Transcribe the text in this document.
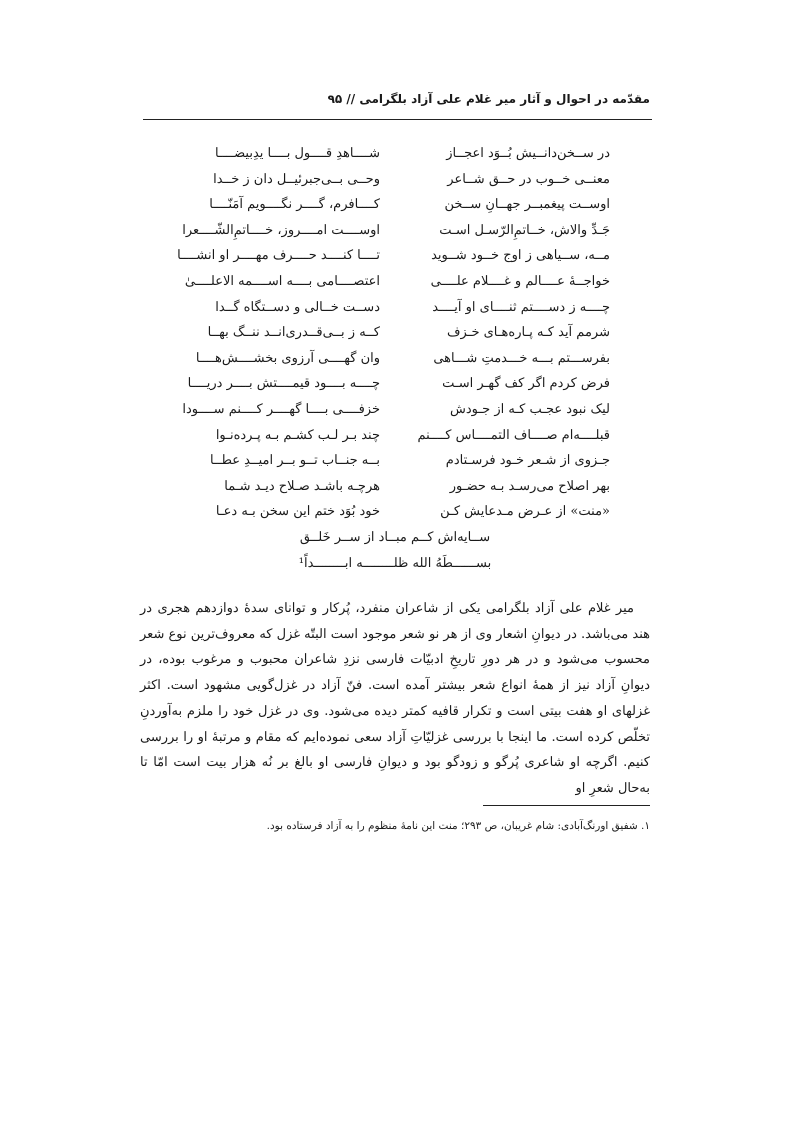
مقدّمه در احوال و آثار میر غلام علی آزاد بلگرامی // ۹۵
در ســخن‌دانــیش بُــوَد اعجــاز
شــــاهدِ قــــول بــــا یدِبیضــــا
معنــی خــوب در حــق شــاعر
وحــی بــی‌جبرئیــل دان ز خــدا
اوســت پیغمبــر جهــانِ ســخن
کــــافرم، گــــر نگــــویم آمَنّــــا
جَـدِّ والاش، خــاتمِ‌الرّسـل اسـت
اوســــت امــــروز، خــــاتمِ‌الشّــــعرا
مــه، ســیاهی ز اوج خــود شــوید
تــــا کنــــد حــــرف مهــــر او انشــــا
خواجــهٔ عــــالم و غــــلام علــــی
اعتصــــامی بــــه اســــمه الاعلــــیٰ
چــــه ز دســــتم ثنــــای او آیــــد
دســت خــالی و دســتگاه گــدا
شرمم آید کـه پـاره‌هـای خـزف
کــه ز بــی‌قــدری‌انــد ننــگ بهــا
بفرســـتم بـــه خـــدمتِ شـــاهی
وان گهــــی آرزوی بخشــــش‌هــــا
فرض کردم اگر کف گهـر اسـت
چــــه بــــود قیمــــتش بــــر دریــــا
لیک نبود عجـب کـه از جـودش
خزفــــی بــــا گهــــر کــــنم ســــودا
قبلــــه‌ام صــــاف التمــــاس کــــنم
چند بـر لـب کشـم بـه پـرده‌نـوا
جـزوی از شـعر خـود فرسـتادم
بــه جنــاب تــو بــر امیــدِ عطــا
بهر اصلاح می‌رسـد بـه حضـور
هرچـه باشـد صـلاح دیـد شـما
«منت» از عـرض مـدعایش کـن
خود بُوَد ختم این سخن بـه دعـا
ســایه‌اش کــم مبــاد از ســر خَلــق
بســــــطَهُ الله ظلــــــــه ابــــــــداً¹

میر غلام علی آزاد بلگرامی یکی از شاعران منفرد، پُرکار و توانای سدهٔ دوازدهم هجری در هند می‌باشد. در دیوانِ اشعار وی از هر نو شعر موجود است البتّه غزل که معروف‌ترین نوع شعر محسوب می‌شود و در هر دورِ تاریخِ ادبیّات فارسی نزدِ شاعران محبوب و مرغوب بوده، در دیوانِ آزاد نیز از همهٔ انواع شعر بیشتر آمده است. فنّ آزاد در غزل‌گویی مشهود است. اکثر غزلهای او هفت بیتی است و تکرار قافیه کمتر دیده می‌شود. وی در غزل خود را ملزم به‌آوردنِ تخلّص کرده است. ما اینجا با بررسی غزلیّاتِ آزاد سعی نموده‌ایم که مقام و مرتبهٔ او را بررسی کنیم. اگرچه او شاعری پُرگو و زودگو بود و دیوانِ فارسی او بالغ بر نُه هزار بیت است امّا تا به‌حال شعرِ او

۱. شفیق اورنگ‌آبادی: شام غریبان، ص ۲۹۳؛ منت این نامهٔ منظوم را به آزاد فرستاده بود.
